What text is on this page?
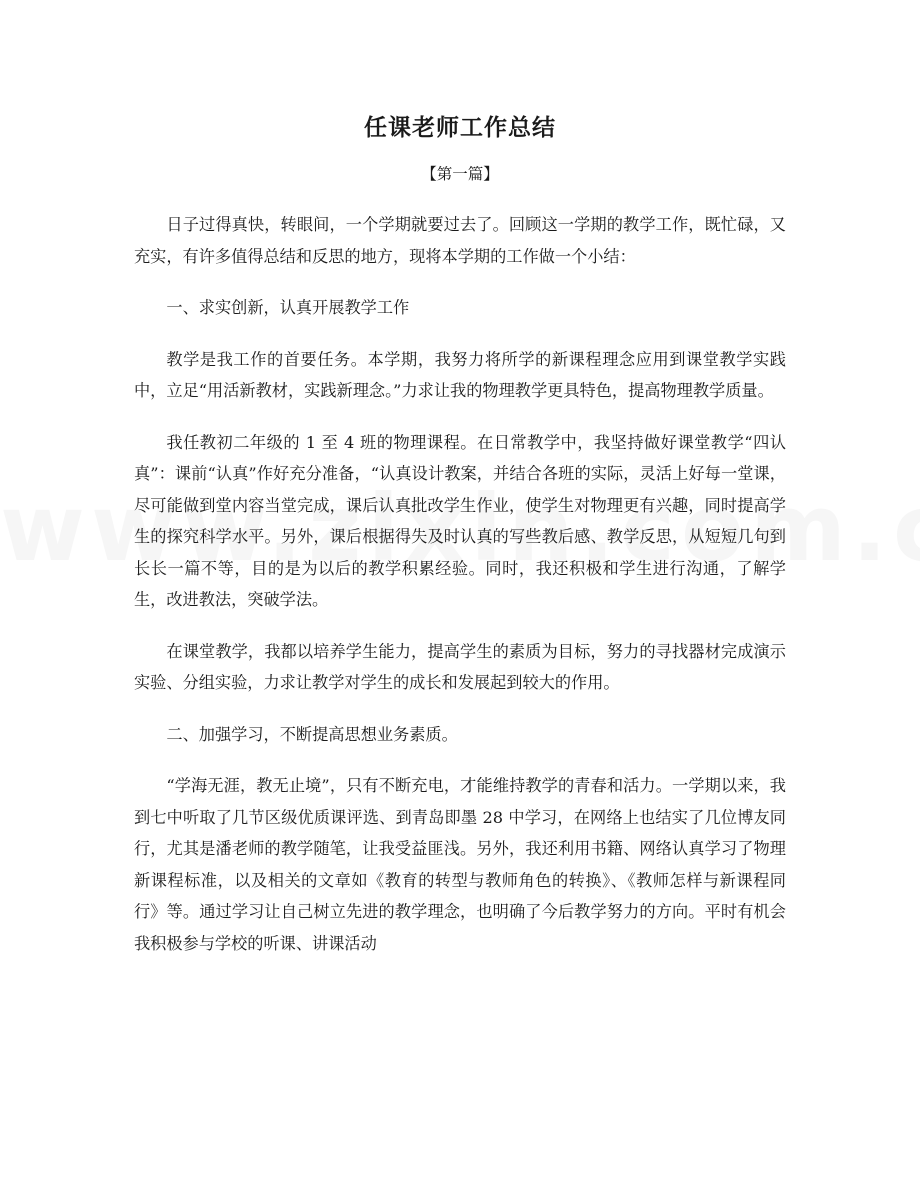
任课老师工作总结

【第一篇】

日子过得真快，转眼间，一个学期就要过去了。回顾这一学期的教学工作，既忙碌，又充实，有许多值得总结和反思的地方，现将本学期的工作做一个小结：

一、求实创新，认真开展教学工作

教学是我工作的首要任务。本学期，我努力将所学的新课程理念应用到课堂教学实践中，立足“用活新教材，实践新理念。”力求让我的物理教学更具特色，提高物理教学质量。

我任教初二年级的 1 至 4 班的物理课程。在日常教学中，我坚持做好课堂教学“四认真”：课前“认真”作好充分准备，“认真设计教案，并结合各班的实际，灵活上好每一堂课，尽可能做到堂内容当堂完成，课后认真批改学生作业，使学生对物理更有兴趣，同时提高学生的探究科学水平。另外，课后根据得失及时认真的写些教后感、教学反思，从短短几句到长长一篇不等，目的是为以后的教学积累经验。同时，我还积极和学生进行沟通，了解学生，改进教法，突破学法。

在课堂教学，我都以培养学生能力，提高学生的素质为目标，努力的寻找器材完成演示实验、分组实验，力求让教学对学生的成长和发展起到较大的作用。

二、加强学习，不断提高思想业务素质。

“学海无涯，教无止境”，只有不断充电，才能维持教学的青春和活力。一学期以来，我到七中听取了几节区级优质课评选、到青岛即墨 28 中学习，在网络上也结实了几位博友同行，尤其是潘老师的教学随笔，让我受益匪浅。另外，我还利用书籍、网络认真学习了物理新课程标准，以及相关的文章如《教育的转型与教师角色的转换》、《教师怎样与新课程同行》等。通过学习让自己树立先进的教学理念，也明确了今后教学努力的方向。平时有机会我积极参与学校的听课、讲课活动
